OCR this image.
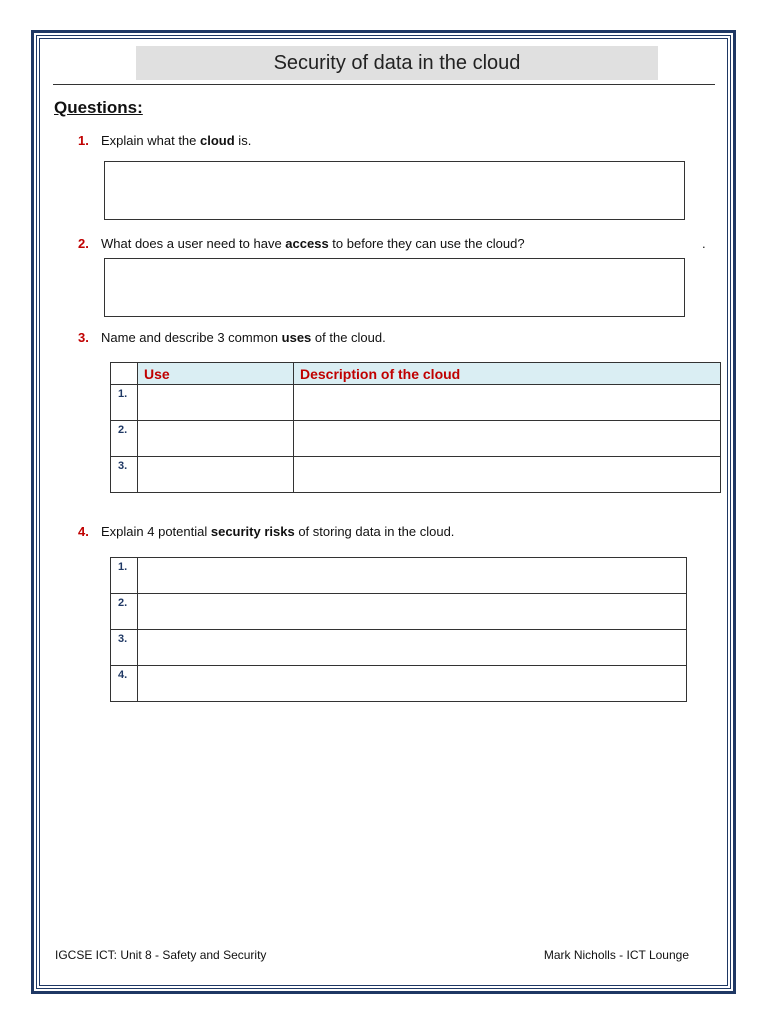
Security of data in the cloud
Questions:
1. Explain what the cloud is.
2. What does a user need to have access to before they can use the cloud?	.
3. Name and describe 3 common uses of the cloud.
	Use	Description of the cloud
1.		
2.		
3.		
4. Explain 4 potential security risks of storing data in the cloud.
1.	
2.	
3.	
4.	
IGCSE ICT: Unit 8 - Safety and Security	Mark Nicholls - ICT Lounge
